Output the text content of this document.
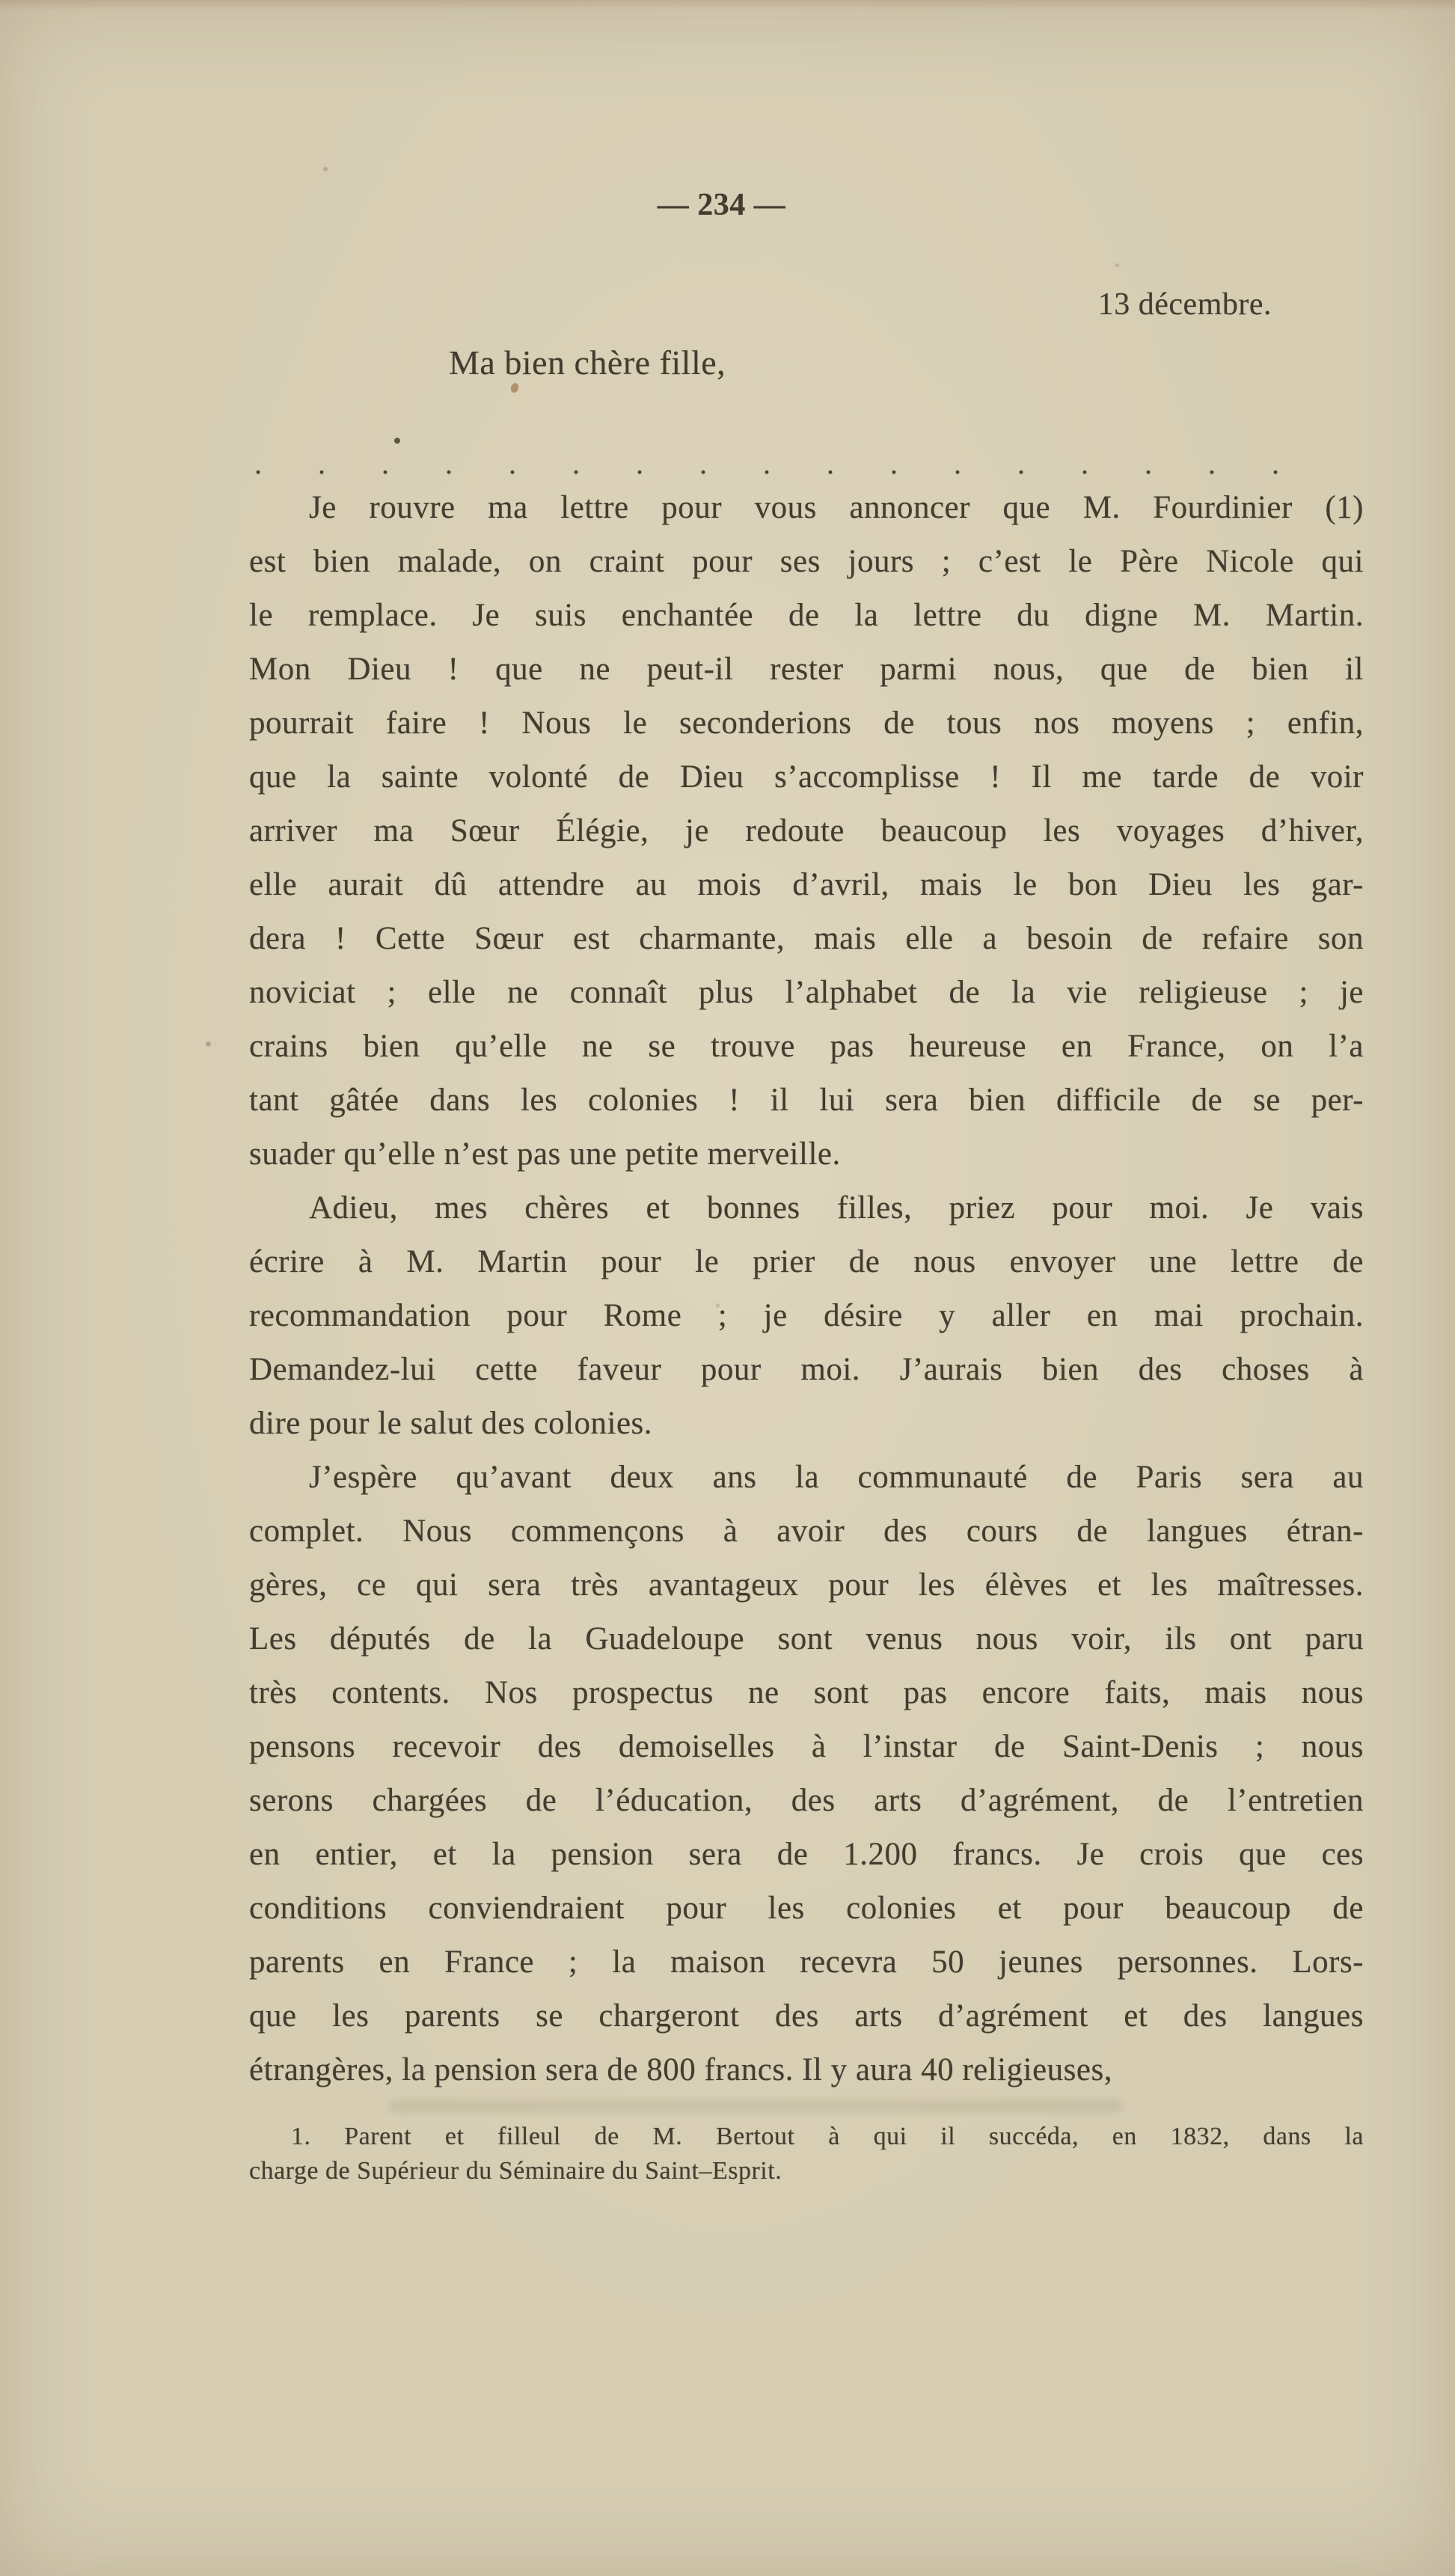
— 234 —
13 décembre.
Ma bien chère fille,
. . . . . . . . . . . . . . . . .
Je rouvre ma lettre pour vous annoncer que M. Fourdinier (1)
est bien malade, on craint pour ses jours ; c’est le Père Nicole qui
le remplace. Je suis enchantée de la lettre du digne M. Martin.
Mon Dieu ! que ne peut-il rester parmi nous, que de bien il
pourrait faire ! Nous le seconderions de tous nos moyens ; enfin,
que la sainte volonté de Dieu s’accomplisse ! Il me tarde de voir
arriver ma Sœur Élégie, je redoute beaucoup les voyages d’hiver,
elle aurait dû attendre au mois d’avril, mais le bon Dieu les gar-
dera ! Cette Sœur est charmante, mais elle a besoin de refaire son
noviciat ; elle ne connaît plus l’alphabet de la vie religieuse ; je
crains bien qu’elle ne se trouve pas heureuse en France, on l’a
tant gâtée dans les colonies ! il lui sera bien difficile de se per-
suader qu’elle n’est pas une petite merveille.
Adieu, mes chères et bonnes filles, priez pour moi. Je vais
écrire à M. Martin pour le prier de nous envoyer une lettre de
recommandation pour Rome ; je désire y aller en mai prochain.
Demandez-lui cette faveur pour moi. J’aurais bien des choses à
dire pour le salut des colonies.
J’espère qu’avant deux ans la communauté de Paris sera au
complet. Nous commençons à avoir des cours de langues étran-
gères, ce qui sera très avantageux pour les élèves et les maîtresses.
Les députés de la Guadeloupe sont venus nous voir, ils ont paru
très contents. Nos prospectus ne sont pas encore faits, mais nous
pensons recevoir des demoiselles à l’instar de Saint-Denis ; nous
serons chargées de l’éducation, des arts d’agrément, de l’entretien
en entier, et la pension sera de 1.200 francs. Je crois que ces
conditions conviendraient pour les colonies et pour beaucoup de
parents en France ; la maison recevra 50 jeunes personnes. Lors-
que les parents se chargeront des arts d’agrément et des langues
étrangères, la pension sera de 800 francs. Il y aura 40 religieuses,
1. Parent et filleul de M. Bertout à qui il succéda, en 1832, dans la
charge de Supérieur du Séminaire du Saint–Esprit.
